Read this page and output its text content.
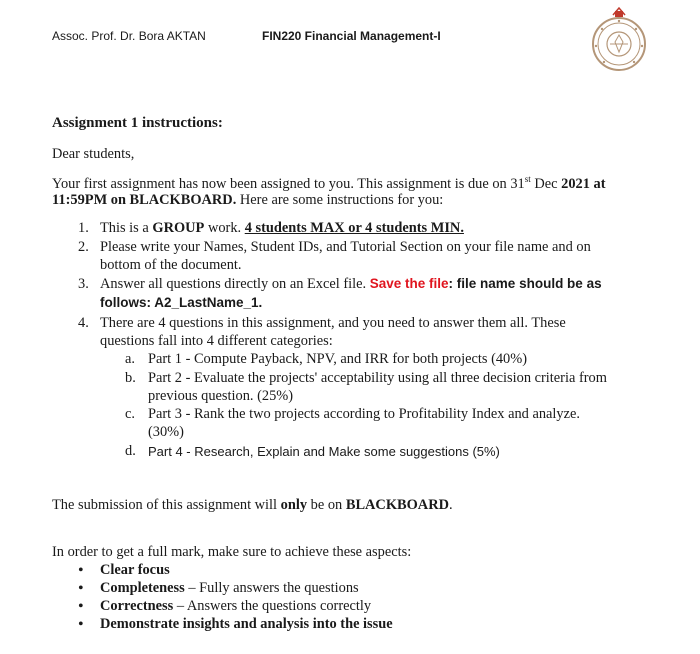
Assoc. Prof. Dr. Bora AKTAN	FIN220 Financial Management-I
Assignment 1 instructions:
Dear students,
Your first assignment has now been assigned to you. This assignment is due on 31st Dec 2021 at
11:59PM on BLACKBOARD. Here are some instructions for you:
1. This is a GROUP work. 4 students MAX or 4 students MIN.
2. Please write your Names, Student IDs, and Tutorial Section on your file name and on
bottom of the document.
3. Answer all questions directly on an Excel file. Save the file: file name should be as
follows: A2_LastName_1.
4. There are 4 questions in this assignment, and you need to answer them all. These
questions fall into 4 different categories:
a. Part 1 - Compute Payback, NPV, and IRR for both projects (40%)
b. Part 2 - Evaluate the projects' acceptability using all three decision criteria from
previous question. (25%)
c. Part 3 - Rank the two projects according to Profitability Index and analyze.
(30%)
d. Part 4 - Research, Explain and Make some suggestions (5%)
The submission of this assignment will only be on BLACKBOARD.
In order to get a full mark, make sure to achieve these aspects:
• Clear focus
• Completeness – Fully answers the questions
• Correctness – Answers the questions correctly
• Demonstrate insights and analysis into the issue
